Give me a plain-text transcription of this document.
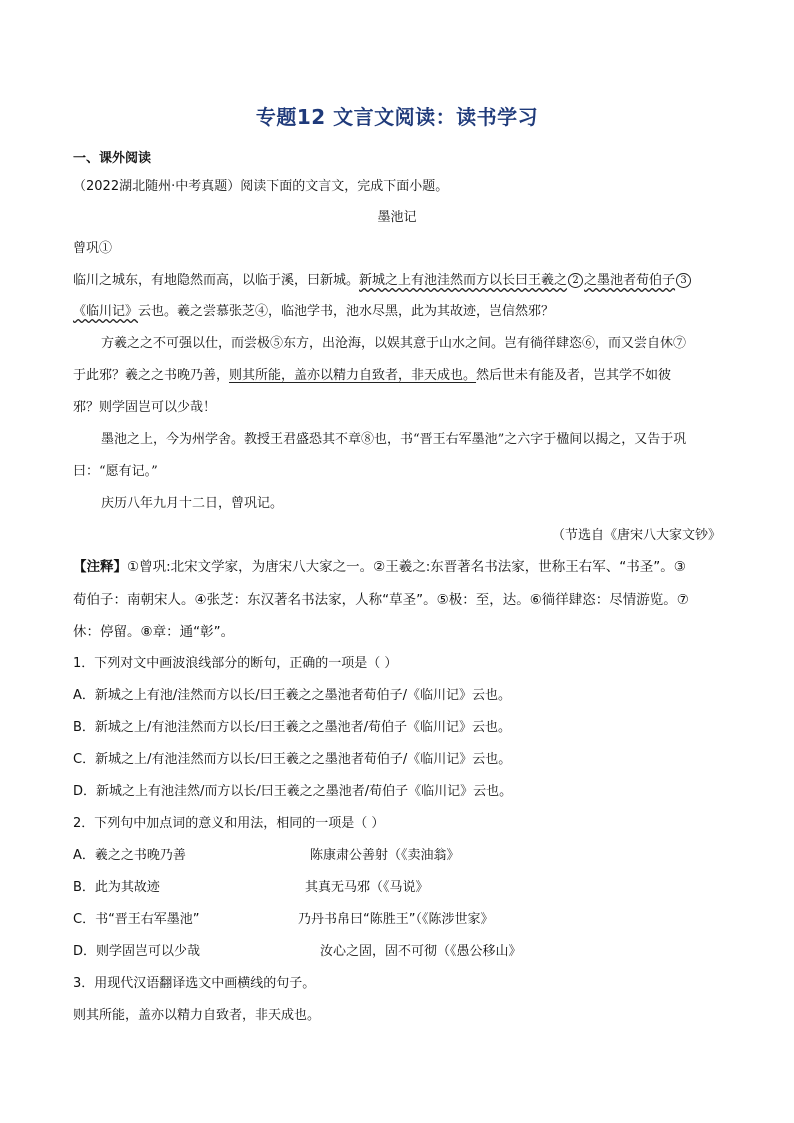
专题12 文言文阅读：读书学习
一、课外阅读
（2022湖北随州·中考真题）阅读下面的文言文，完成下面小题。
墨池记
曾巩①
临川之城东，有地隐然而高，以临于溪，曰新城。新城之上有池洼然而方以长曰王羲之 2 之墨池者荀伯子 3
《临川记》云也。羲之尝慕张芝④，临池学书，池水尽黑，此为其故迹，岂信然邪？
方羲之之不可强以仕，而尝极⑤东方，出沧海，以娱其意于山水之间。岂有徜徉肆恣⑥，而又尝自休⑦
于此邪？羲之之书晚乃善，则其所能，盖亦以精力自致者，非天成也。然后世未有能及者，岂其学不如彼
邪？则学固岂可以少哉！
墨池之上，今为州学舍。教授王君盛恐其不章⑧也，书“晋王右军墨池”之六字于楹间以揭之，又告于巩
曰：“愿有记。”
庆历八年九月十二日，曾巩记。
（节选自《唐宋八大家文钞》
【注释】①曾巩:北宋文学家，为唐宋八大家之一。②王羲之:东晋著名书法家，世称王右军、“书圣”。③
荀伯子：南朝宋人。④张芝：东汉著名书法家，人称“草圣”。⑤极：至，达。⑥徜徉肆恣：尽情游览。⑦
休：停留。⑧章：通“彰”。
1．下列对文中画波浪线部分的断句，正确的一项是（ ）
A．新城之上有池/洼然而方以长/曰王羲之之墨池者荀伯子/《临川记》云也。
B．新城之上/有池洼然而方以长/曰王羲之之墨池者/荀伯子《临川记》云也。
C．新城之上/有池洼然而方以长/曰王羲之之墨池者荀伯子/《临川记》云也。
D．新城之上有池洼然/而方以长/曰王羲之之墨池者/荀伯子《临川记》云也。
2．下列句中加点词的意义和用法，相同的一项是（ ）
A．羲之之书晚乃善	陈康肃公善射（《卖油翁》
B．此为其故迹	其真无马邪（《马说》
C．书“晋王右军墨池”	乃丹书帛曰“陈胜王”（《陈涉世家》
D．则学固岂可以少哉	汝心之固，固不可彻（《愚公移山》
3．用现代汉语翻译选文中画横线的句子。
则其所能，盖亦以精力自致者，非天成也。
